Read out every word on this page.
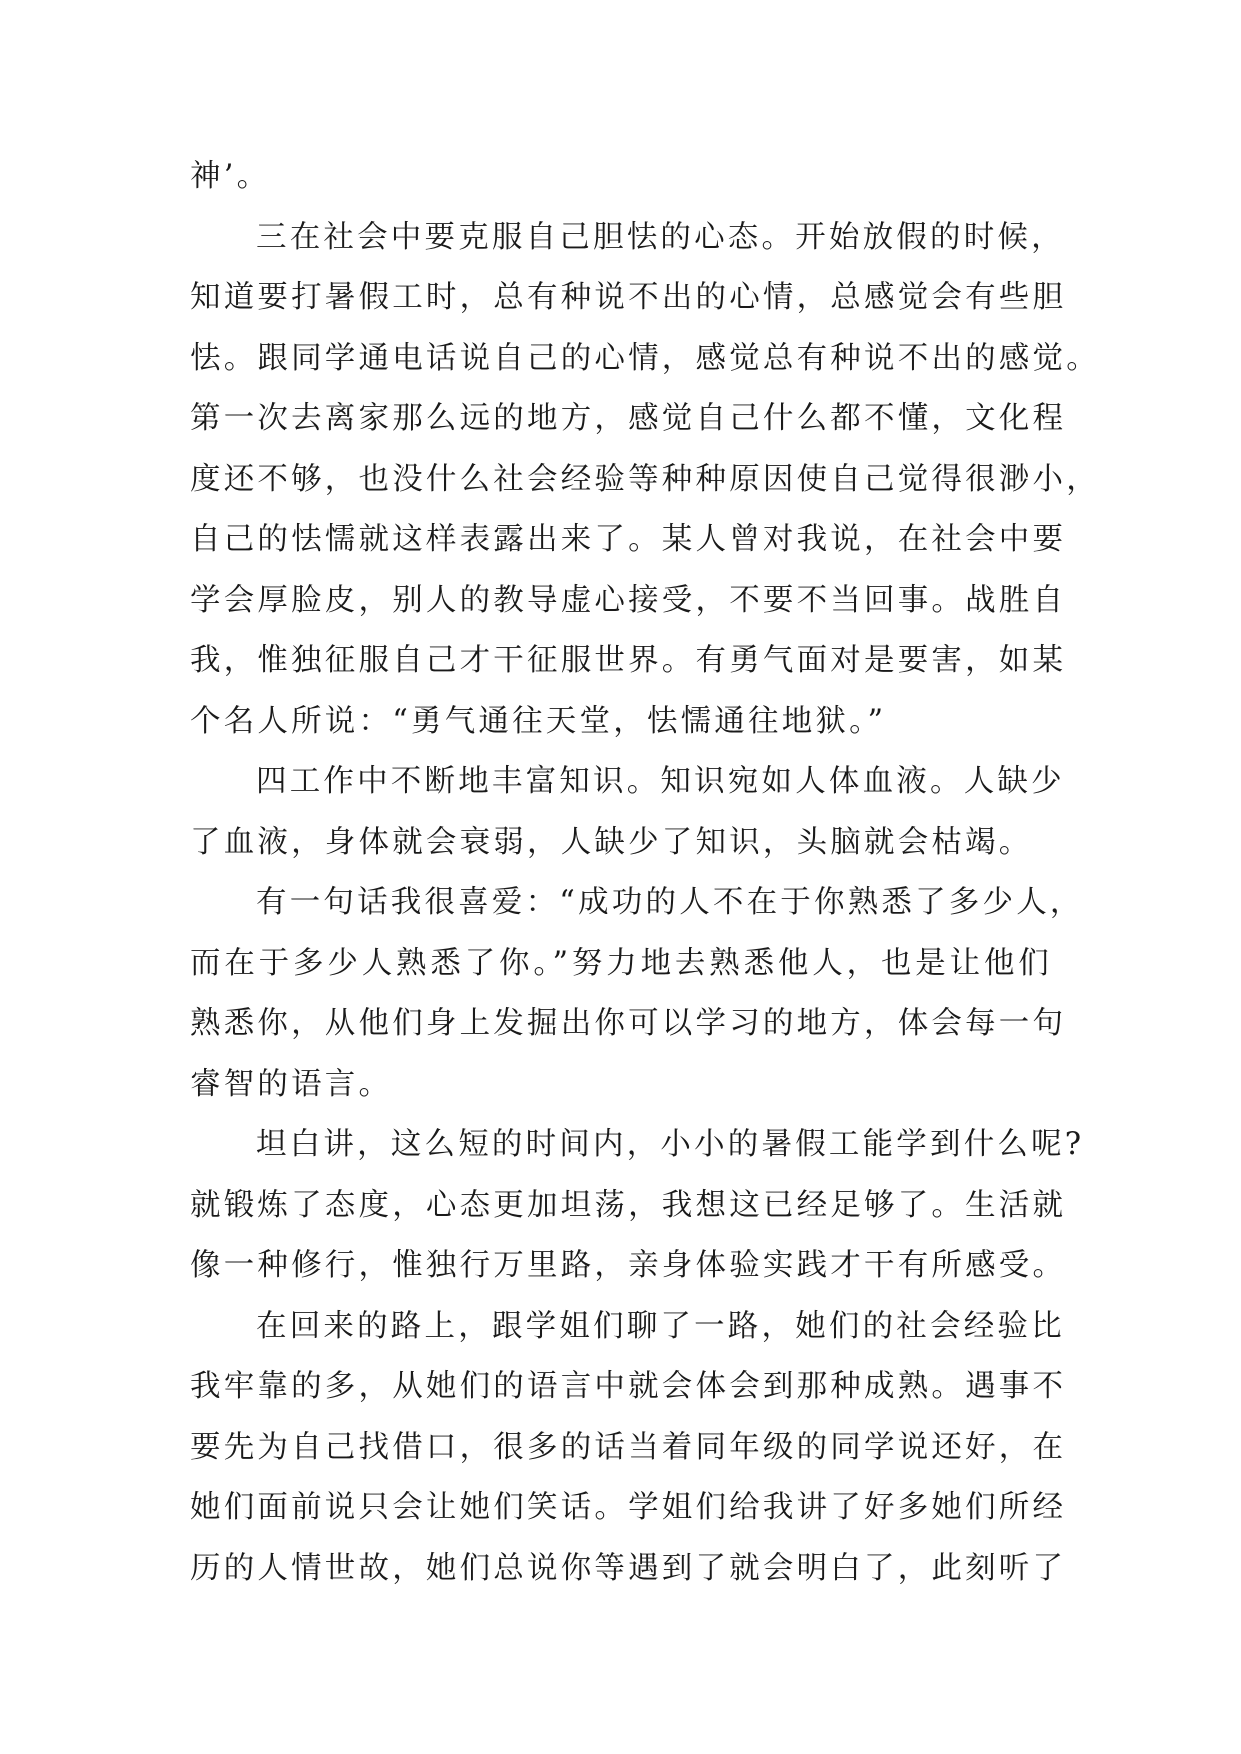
神’。

三在社会中要克服自己胆怯的心态。开始放假的时候，
知道要打暑假工时，总有种说不出的心情，总感觉会有些胆
怯。跟同学通电话说自己的心情，感觉总有种说不出的感觉。
第一次去离家那么远的地方，感觉自己什么都不懂，文化程
度还不够，也没什么社会经验等种种原因使自己觉得很渺小，
自己的怯懦就这样表露出来了。某人曾对我说，在社会中要
学会厚脸皮，别人的教导虚心接受，不要不当回事。战胜自
我，惟独征服自己才干征服世界。有勇气面对是要害，如某
个名人所说：“勇气通往天堂，怯懦通往地狱。”

四工作中不断地丰富知识。知识宛如人体血液。人缺少
了血液，身体就会衰弱，人缺少了知识，头脑就会枯竭。

有一句话我很喜爱：“成功的人不在于你熟悉了多少人，
而在于多少人熟悉了你。”努力地去熟悉他人，也是让他们
熟悉你，从他们身上发掘出你可以学习的地方，体会每一句
睿智的语言。

坦白讲，这么短的时间内，小小的暑假工能学到什么呢?
就锻炼了态度，心态更加坦荡，我想这已经足够了。生活就
像一种修行，惟独行万里路，亲身体验实践才干有所感受。

在回来的路上，跟学姐们聊了一路，她们的社会经验比
我牢靠的多，从她们的语言中就会体会到那种成熟。遇事不
要先为自己找借口，很多的话当着同年级的同学说还好，在
她们面前说只会让她们笑话。学姐们给我讲了好多她们所经
历的人情世故，她们总说你等遇到了就会明白了，此刻听了
